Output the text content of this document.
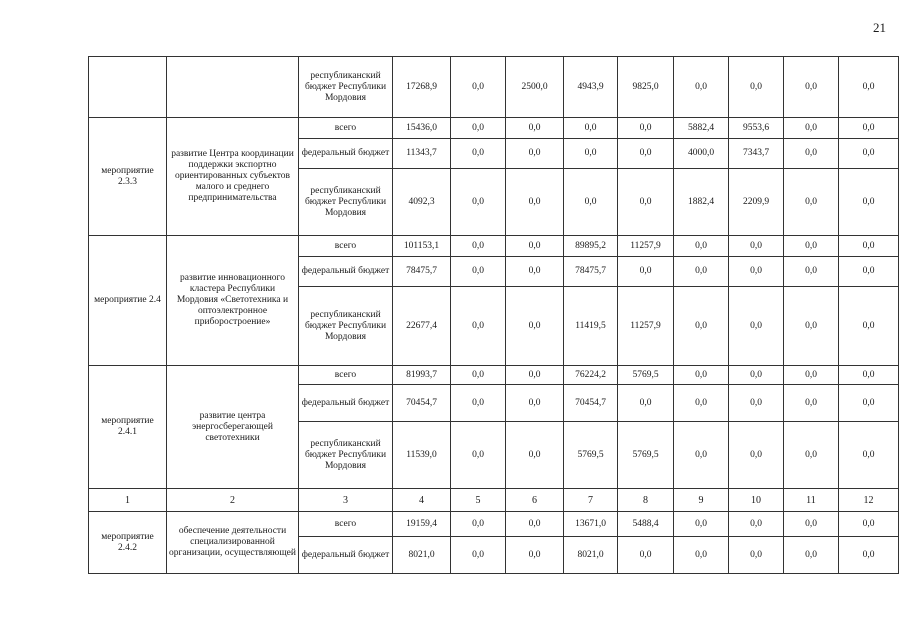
21
		республиканский бюджет Республики Мордовия	17268,9	0,0	2500,0	4943,9	9825,0	0,0	0,0	0,0	0,0
мероприятие 2.3.3	развитие Центра координации поддержки экспортно ориентированных субъектов малого и среднего предпринимательства	всего	15436,0	0,0	0,0	0,0	0,0	5882,4	9553,6	0,0	0,0
		федеральный бюджет	11343,7	0,0	0,0	0,0	0,0	4000,0	7343,7	0,0	0,0
		республиканский бюджет Республики Мордовия	4092,3	0,0	0,0	0,0	0,0	1882,4	2209,9	0,0	0,0
мероприятие 2.4	развитие инновационного кластера Республики Мордовия «Светотехника и оптоэлектронное приборостроение»	всего	101153,1	0,0	0,0	89895,2	11257,9	0,0	0,0	0,0	0,0
		федеральный бюджет	78475,7	0,0	0,0	78475,7	0,0	0,0	0,0	0,0	0,0
		республиканский бюджет Республики Мордовия	22677,4	0,0	0,0	11419,5	11257,9	0,0	0,0	0,0	0,0
мероприятие 2.4.1	развитие центра энергосберегающей светотехники	всего	81993,7	0,0	0,0	76224,2	5769,5	0,0	0,0	0,0	0,0
		федеральный бюджет	70454,7	0,0	0,0	70454,7	0,0	0,0	0,0	0,0	0,0
		республиканский бюджет Республики Мордовия	11539,0	0,0	0,0	5769,5	5769,5	0,0	0,0	0,0	0,0
1	2	3	4	5	6	7	8	9	10	11	12
мероприятие 2.4.2	обеспечение деятельности специализированной организации, осуществляющей	всего	19159,4	0,0	0,0	13671,0	5488,4	0,0	0,0	0,0	0,0
		федеральный бюджет	8021,0	0,0	0,0	8021,0	0,0	0,0	0,0	0,0	0,0
